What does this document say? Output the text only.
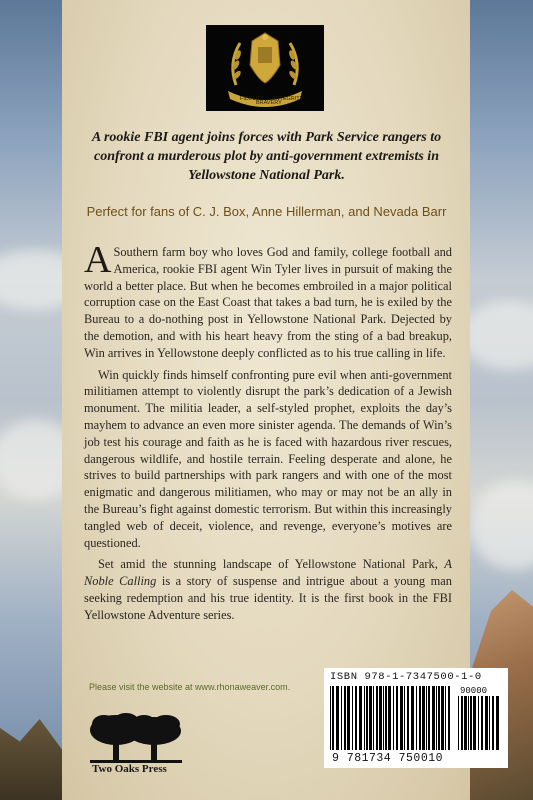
FIDELITY
BRAVERY
INTEGRITY

A rookie FBI agent joins forces with Park Service rangers to confront a murderous plot by anti-government extremists in Yellowstone National Park.

Perfect for fans of C. J. Box, Anne Hillerman, and Nevada Barr

A Southern farm boy who loves God and family, college football and America, rookie FBI agent Win Tyler lives in pursuit of making the world a better place. But when he becomes embroiled in a major political corruption case on the East Coast that takes a bad turn, he is exiled by the Bureau to a do-nothing post in Yellowstone National Park. Dejected by the demotion, and with his heart heavy from the sting of a bad breakup, Win arrives in Yellowstone deeply conflicted as to his true calling in life.

Win quickly finds himself confronting pure evil when anti-government militiamen attempt to violently disrupt the park’s dedication of a Jewish monument. The militia leader, a self-styled prophet, exploits the day’s mayhem to advance an even more sinister agenda. The demands of Win’s job test his courage and faith as he is faced with hazardous river rescues, dangerous wildlife, and hostile terrain. Feeling desperate and alone, he strives to build partnerships with park rangers and with one of the most enigmatic and dangerous militiamen, who may or may not be an ally in the Bureau’s fight against domestic terrorism. But within this increasingly tangled web of deceit, violence, and revenge, everyone’s motives are questioned.

Set amid the stunning landscape of Yellowstone National Park, A Noble Calling is a story of suspense and intrigue about a young man seeking redemption and his true identity. It is the first book in the FBI Yellowstone Adventure series.

Please visit the website at www.rhonaweaver.com.

ISBN 978-1-7347500-1-0
90000
9 781734 750010

Two Oaks Press
